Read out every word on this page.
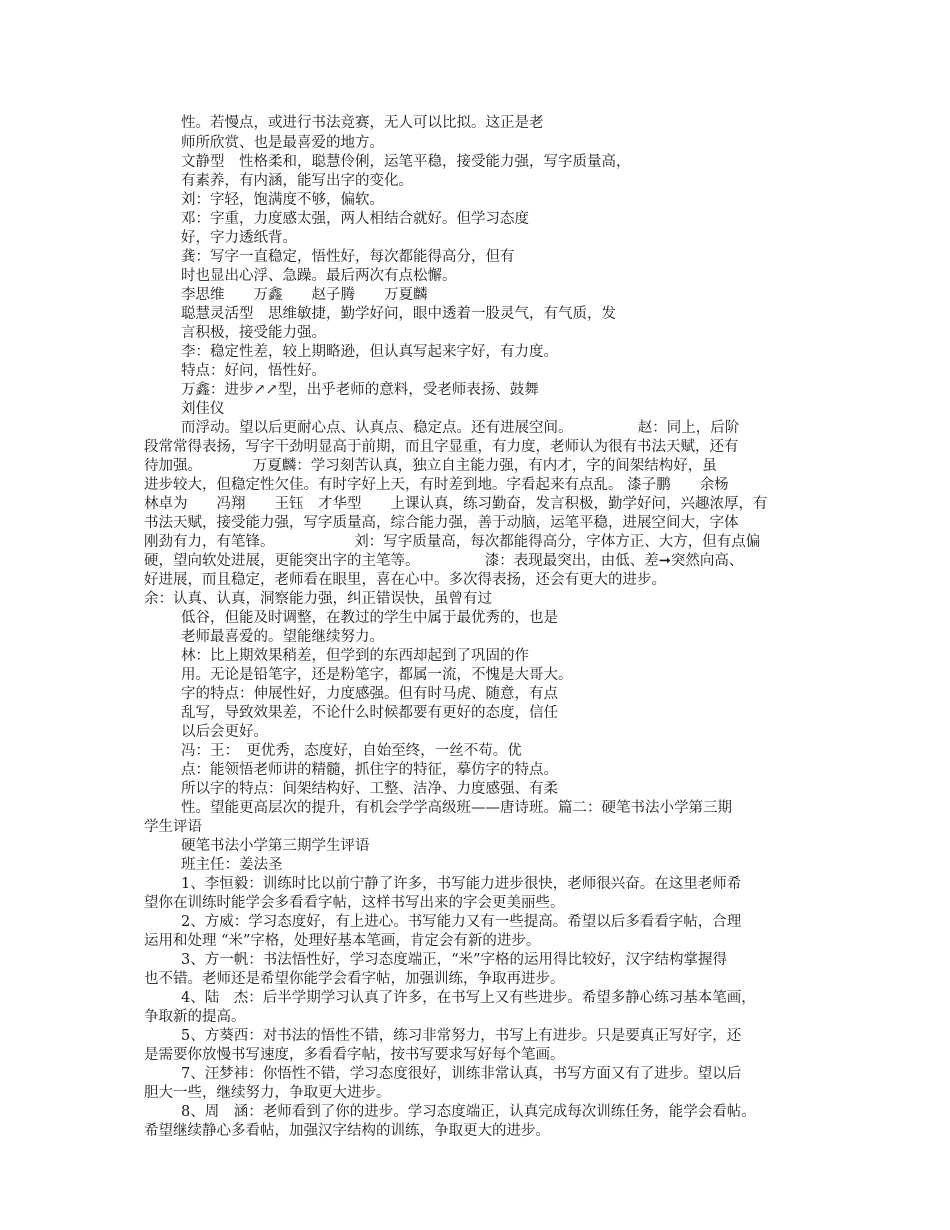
性。若慢点，或进行书法竞赛，无人可以比拟。这正是老
师所欣赏、也是最喜爱的地方。
文静型　性格柔和，聪慧伶俐，运笔平稳，接受能力强，写字质量高，
有素养，有内涵，能写出字的变化。
刘：字轻，饱满度不够，偏软。
邓：字重，力度感太强，两人相结合就好。但学习态度
好，字力透纸背。
龚：写字一直稳定，悟性好，每次都能得高分，但有
时也显出心浮、急躁。最后两次有点松懈。
李思维　　万鑫　　赵子腾　　万夏麟
聪慧灵活型　思维敏捷，勤学好问，眼中透着一股灵气，有气质，发
言积极，接受能力强。
李：稳定性差，较上期略逊，但认真写起来字好，有力度。
特点：好问，悟性好。
万鑫：进步↗↗型，出乎老师的意料，受老师表扬、鼓舞
刘佳仪
而浮动。望以后更耐心点、认真点、稳定点。还有进展空间。　　　　　赵：同上，后阶
段常常得表扬，写字干劲明显高于前期，而且字显重，有力度，老师认为很有书法天赋，还有
待加强。　　　　万夏麟：学习刻苦认真，独立自主能力强，有内才，字的间架结构好，虽
进步较大，但稳定性欠佳。有时字好上天，有时差到地。字看起来有点乱。 漆子鹏　　余杨
林卓为　　冯翔　　王钰　才华型　　上课认真，练习勤奋，发言积极，勤学好问，兴趣浓厚，有
书法天赋，接受能力强，写字质量高，综合能力强，善于动脑，运笔平稳，进展空间大，字体
刚劲有力，有笔锋。　　　　　　刘：写字质量高，每次都能得高分，字体方正、大方，但有点偏
硬，望向软处进展，更能突出字的主笔等。　　　　　漆：表现最突出，由低、差➞突然向高、
好进展，而且稳定，老师看在眼里，喜在心中。多次得表扬，还会有更大的进步。
余：认真、认真，洞察能力强，纠正错误快，虽曾有过
低谷，但能及时调整，在教过的学生中属于最优秀的，也是
老师最喜爱的。望能继续努力。
林：比上期效果稍差，但学到的东西却起到了巩固的作
用。无论是铅笔字，还是粉笔字，都属一流，不愧是大哥大。
字的特点：伸展性好，力度感强。但有时马虎、随意，有点
乱写，导致效果差，不论什么时候都要有更好的态度，信任
以后会更好。
冯：王：　更优秀，态度好，自始至终，一丝不苟。优
点：能领悟老师讲的精髓，抓住字的特征，摹仿字的特点。
所以字的特点：间架结构好、工整、洁净、力度感强、有柔
性。望能更高层次的提升，有机会学学高级班——唐诗班。篇二：硬笔书法小学第三期
学生评语
硬笔书法小学第三期学生评语
班主任：姜法圣
1、李恒毅：训练时比以前宁静了许多，书写能力进步很快，老师很兴奋。在这里老师希
望你在训练时能学会多看看字帖，这样书写出来的字会更美丽些。
2、方威：学习态度好，有上进心。书写能力又有一些提高。希望以后多看看字帖，合理
运用和处理 “米”字格，处理好基本笔画，肯定会有新的进步。
3、方一帆：书法悟性好，学习态度端正，“米”字格的运用得比较好，汉字结构掌握得
也不错。老师还是希望你能学会看字帖，加强训练，争取再进步。
4、陆　杰：后半学期学习认真了许多，在书写上又有些进步。希望多静心练习基本笔画，
争取新的提高。
5、方葵西：对书法的悟性不错，练习非常努力，书写上有进步。只是要真正写好字，还
是需要你放慢书写速度，多看看字帖，按书写要求写好每个笔画。
7、汪梦袆：你悟性不错，学习态度很好，训练非常认真，书写方面又有了进步。望以后
胆大一些，继续努力，争取更大进步。
8、周　涵：老师看到了你的进步。学习态度端正，认真完成每次训练任务，能学会看帖。
希望继续静心多看帖，加强汉字结构的训练，争取更大的进步。
